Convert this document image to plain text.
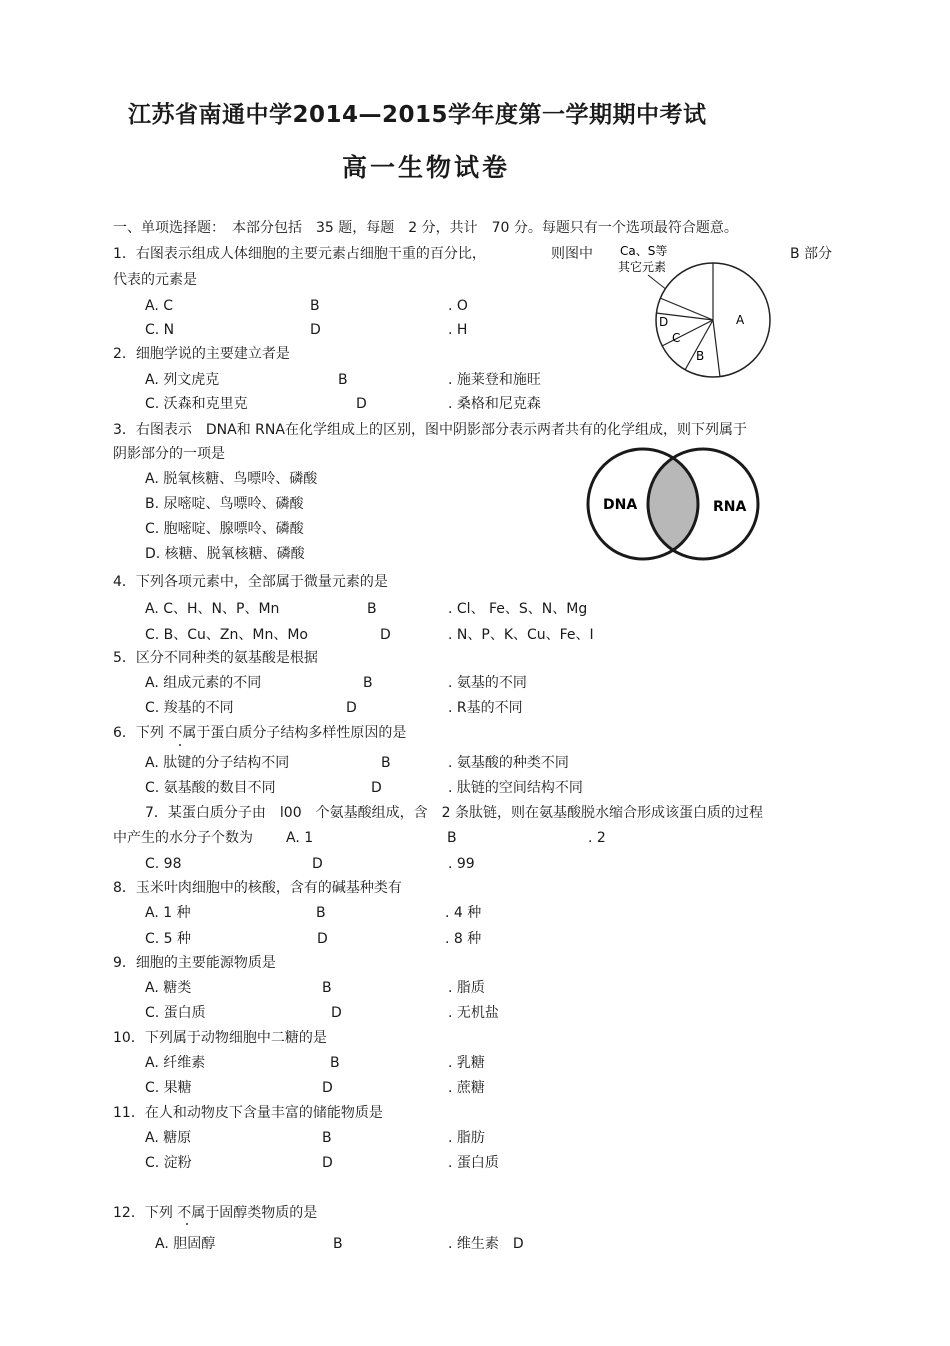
江苏省南通中学2014—2015学年度第一学期期中考试
高一生物试卷
一、单项选择题：　本部分包括　35 题，每题　2 分，共计　70 分。每题只有一个选项最符合题意。
1．右图表示组成人体细胞的主要元素占细胞干重的百分比，	则图中	B 部分
代表的元素是
A. C	B	. O
C. N	D	. H
Ca、S等
其它元素
A
B
C
D
2．细胞学说的主要建立者是
A. 列文虎克	B	. 施莱登和施旺
C. 沃森和克里克	D	. 桑格和尼克森
3．右图表示　DNA和 RNA在化学组成上的区别，图中阴影部分表示两者共有的化学组成，则下列属于
阴影部分的一项是
A. 脱氧核糖、鸟嘌呤、磷酸
B. 尿嘧啶、鸟嘌呤、磷酸
C. 胞嘧啶、腺嘌呤、磷酸
D. 核糖、脱氧核糖、磷酸
DNA	RNA
4．下列各项元素中，全部属于微量元素的是
A. C、H、N、P、Mn	B	. Cl、 Fe、S、N、Mg
C. B、Cu、Zn、Mn、Mo	D	. N、P、K、Cu、Fe、I
5．区分不同种类的氨基酸是根据
A. 组成元素的不同	B	. 氨基的不同
C. 羧基的不同	D	. R基的不同
6．下列 不属于蛋白质分子结构多样性原因的是
A. 肽键的分子结构不同	B	. 氨基酸的种类不同
C. 氨基酸的数目不同	D	. 肽链的空间结构不同
7．某蛋白质分子由　l00　个氨基酸组成，含　2 条肽链，则在氨基酸脱水缩合形成该蛋白质的过程
中产生的水分子个数为 A. 1	B	. 2
C. 98	D	. 99
8．玉米叶肉细胞中的核酸，含有的碱基种类有
A. 1 种	B	. 4 种
C. 5 种	D	. 8 种
9．细胞的主要能源物质是
A. 糖类	B	. 脂质
C. 蛋白质	D	. 无机盐
10．下列属于动物细胞中二糖的是
A. 纤维素	B	. 乳糖
C. 果糖	D	. 蔗糖
11．在人和动物皮下含量丰富的储能物质是
A. 糖原	B	. 脂肪
C. 淀粉	D	. 蛋白质
12．下列 不属于固醇类物质的是
A. 胆固醇	B	. 维生素　D
